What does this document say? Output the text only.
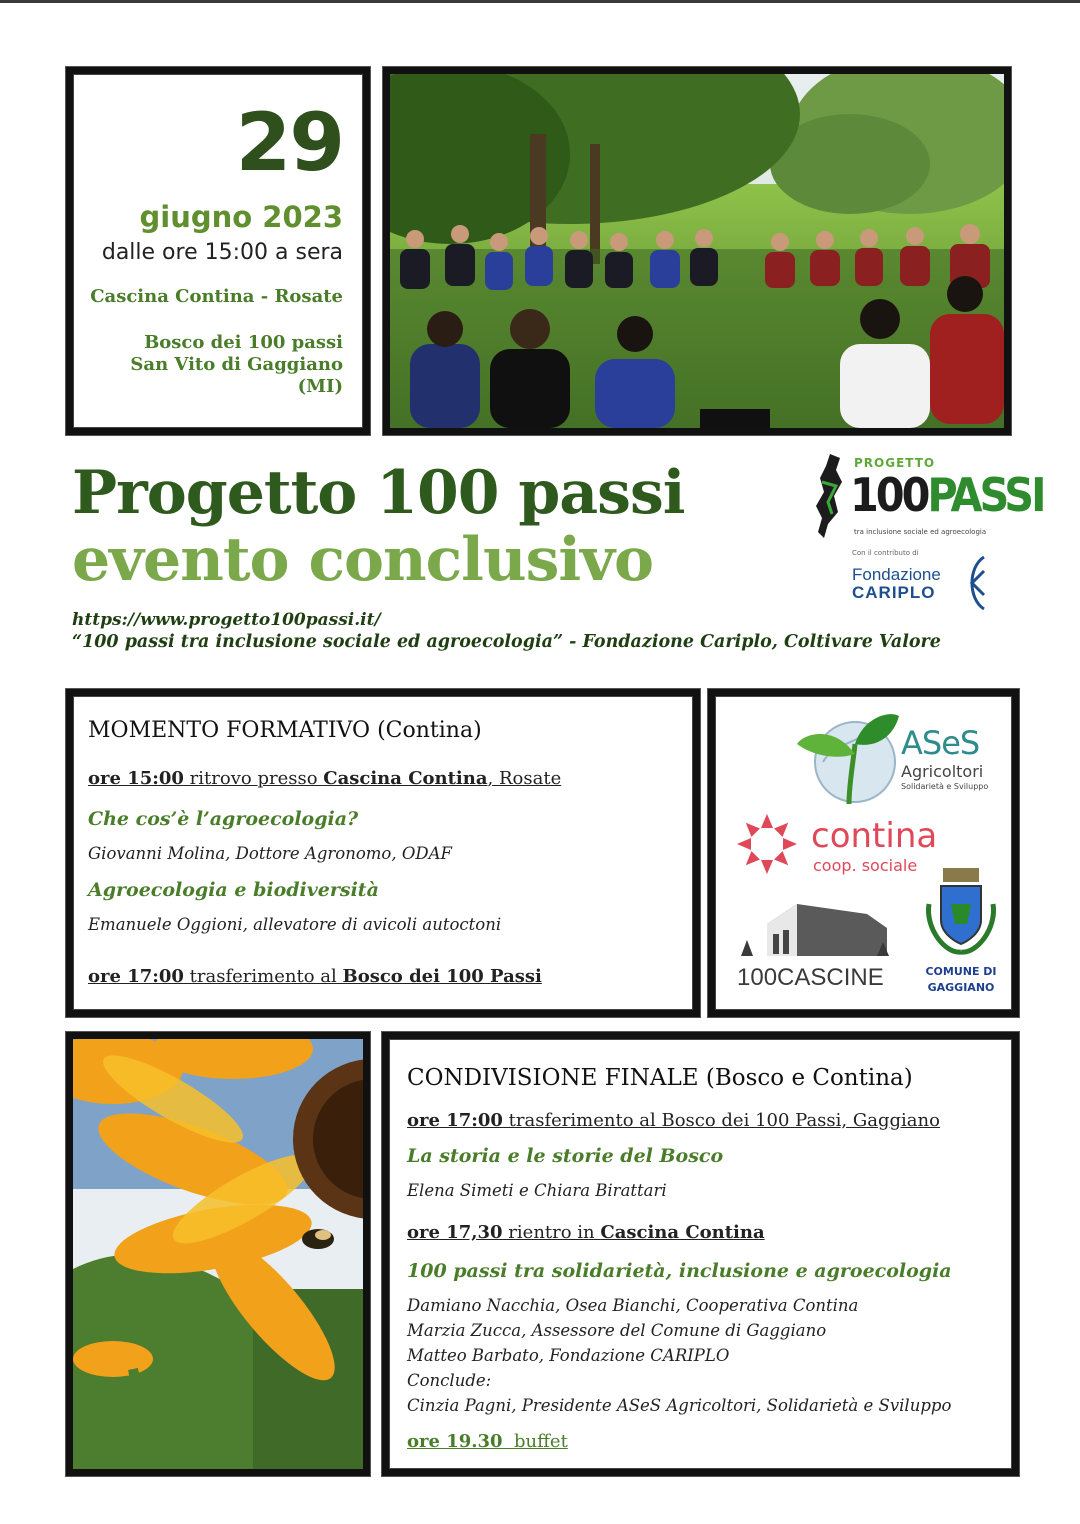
29
giugno 2023
dalle ore 15:00 a sera
Cascina Contina - Rosate
Bosco dei 100 passi
San Vito di Gaggiano
(MI)
Progetto 100 passi
evento conclusivo
https://www.progetto100passi.it/
“100 passi tra inclusione sociale ed agroecologia” - Fondazione Cariplo, Coltivare Valore
PROGETTO
100PASSI
tra inclusione sociale ed agroecologia
Con il contributo di
Fondazione
CARIPLO
MOMENTO FORMATIVO (Contina)
ore 15:00 ritrovo presso Cascina Contina, Rosate
Che cos’è l’agroecologia?
Giovanni Molina, Dottore Agronomo, ODAF
Agroecologia e biodiversità
Emanuele Oggioni, allevatore di avicoli autoctoni
ore 17:00 trasferimento al Bosco dei 100 Passi
ASeS
Agricoltori
Solidarietà e Sviluppo
contina
coop. sociale
100CASCINE	COMUNE DI
GAGGIANO
CONDIVISIONE FINALE (Bosco e Contina)
ore 17:00 trasferimento al Bosco dei 100 Passi, Gaggiano
La storia e le storie del Bosco
Elena Simeti e Chiara Birattari
ore 17,30 rientro in Cascina Contina
100 passi tra solidarietà, inclusione e agroecologia
Damiano Nacchia, Osea Bianchi, Cooperativa Contina
Marzia Zucca, Assessore del Comune di Gaggiano
Matteo Barbato, Fondazione CARIPLO
Conclude:
Cinzia Pagni, Presidente ASeS Agricoltori, Solidarietà e Sviluppo
ore 19.30  buffet
